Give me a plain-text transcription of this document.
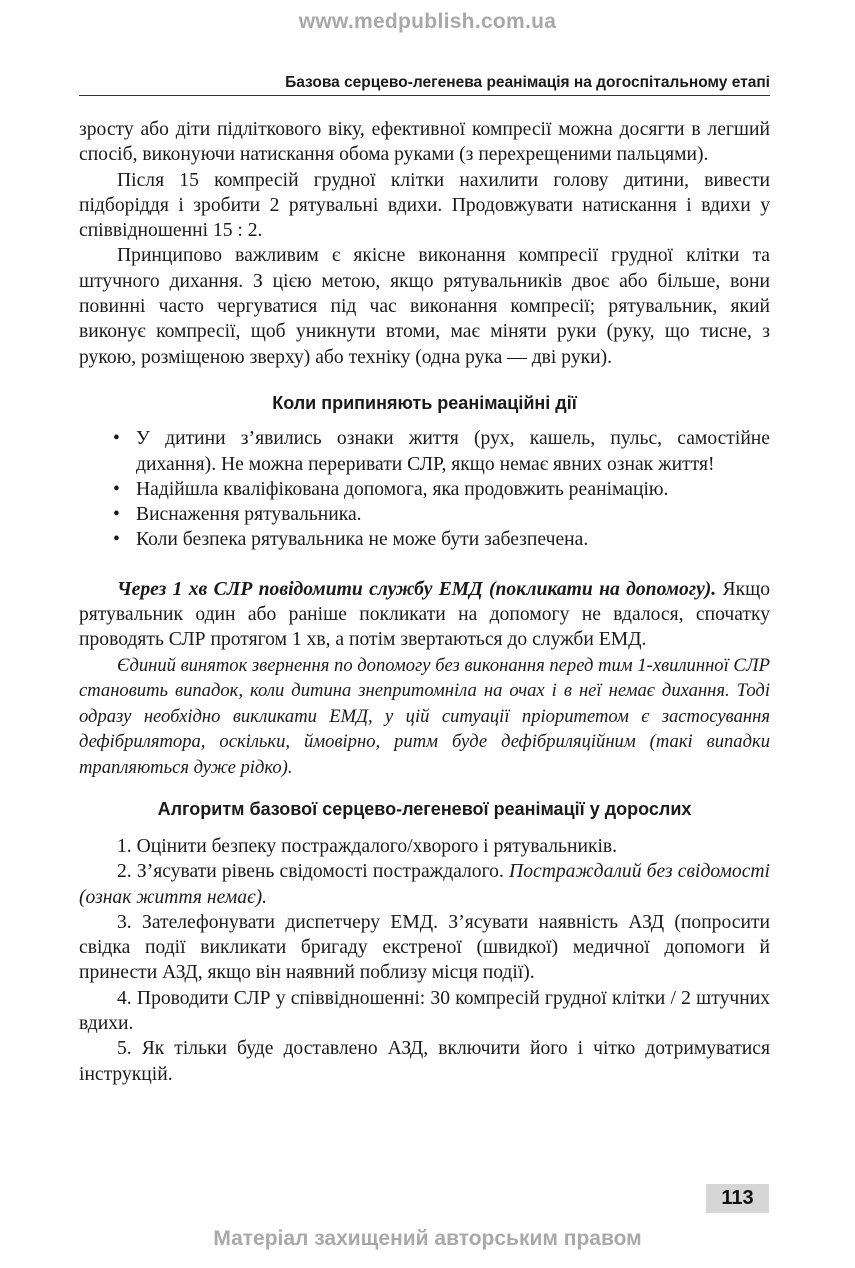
www.medpublish.com.ua
Базова серцево-легенева реанімація на догоспітальному етапі

зросту або діти підліткового віку, ефективної компресії можна досягти в легший спосіб, виконуючи натискання обома руками (з перехрещеними пальцями).

Після 15 компресій грудної клітки нахилити голову дитини, вивести підборіддя і зробити 2 рятувальні вдихи. Продовжувати натискання і вдихи у співвідношенні 15 : 2.

Принципово важливим є якісне виконання компресії грудної клітки та штучного дихання. З цією метою, якщо рятувальників двоє або більше, вони повинні часто чергуватися під час виконання компресії; рятувальник, який виконує компресії, щоб уникнути втоми, має міняти руки (руку, що тисне, з рукою, розміщеною зверху) або техніку (одна рука — дві руки).

Коли припиняють реанімаційні дії

• У дитини з’явились ознаки життя (рух, кашель, пульс, самостійне дихання). Не можна переривати СЛР, якщо немає явних ознак життя!
• Надійшла кваліфікована допомога, яка продовжить реанімацію.
• Виснаження рятувальника.
• Коли безпека рятувальника не може бути забезпечена.

Через 1 хв СЛР повідомити службу ЕМД (покликати на допомогу). Якщо рятувальник один або раніше покликати на допомогу не вдалося, спочатку проводять СЛР протягом 1 хв, а потім звертаються до служби ЕМД.

Єдиний виняток звернення по допомогу без виконання перед тим 1-хвилинної СЛР становить випадок, коли дитина знепритомніла на очах і в неї немає дихання. Тоді одразу необхідно викликати ЕМД, у цій ситуації пріоритетом є застосування дефібрилятора, оскільки, ймовірно, ритм буде дефібриляційним (такі випадки трапляються дуже рідко).

Алгоритм базової серцево-легеневої реанімації у дорослих

1. Оцінити безпеку постраждалого/хворого і рятувальників.

2. З’ясувати рівень свідомості постраждалого. Постраждалий без свідомості (ознак життя немає).

3. Зателефонувати диспетчеру ЕМД. З’ясувати наявність АЗД (попросити свідка події викликати бригаду екстреної (швидкої) медичної допомоги й принести АЗД, якщо він наявний поблизу місця події).

4. Проводити СЛР у співвідношенні: 30 компресій грудної клітки / 2 штучних вдихи.

5. Як тільки буде доставлено АЗД, включити його і чітко дотримуватися інструкцій.

113
Матеріал захищений авторським правом
